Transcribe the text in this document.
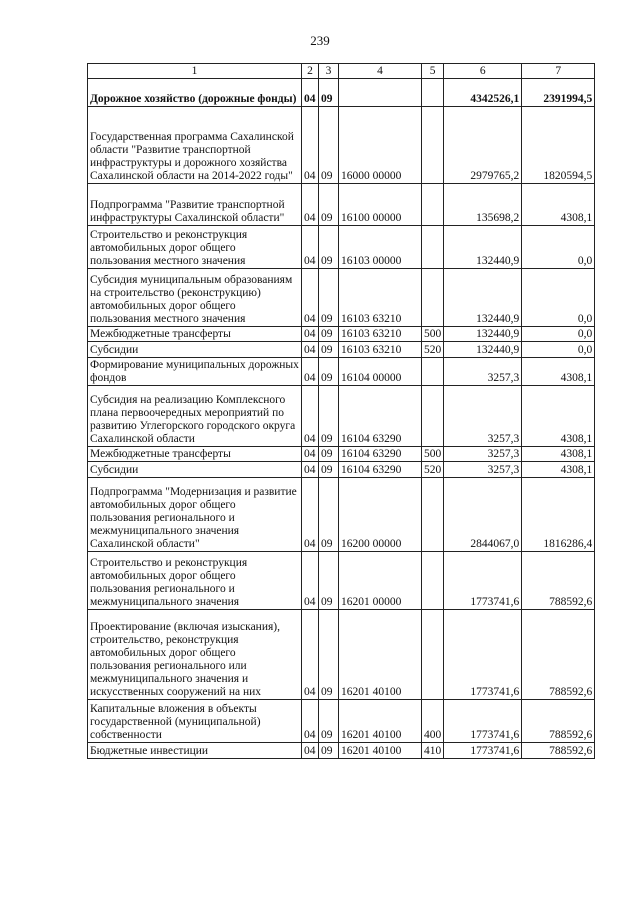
239
1	2	3	4	5	6	7
Дорожное хозяйство (дорожные фонды)	04	09			4342526,1	2391994,5
Государственная программа Сахалинской области "Развитие транспортной инфраструктуры и дорожного хозяйства Сахалинской области на 2014-2022 годы"	04	09	16000 00000		2979765,2	1820594,5
Подпрограмма "Развитие транспортной инфраструктуры Сахалинской области"	04	09	16100 00000		135698,2	4308,1
Строительство и реконструкция автомобильных дорог общего пользования местного значения	04	09	16103 00000		132440,9	0,0
Субсидия муниципальным образованиям на строительство (реконструкцию) автомобильных дорог общего пользования местного значения	04	09	16103 63210		132440,9	0,0
Межбюджетные трансферты	04	09	16103 63210	500	132440,9	0,0
Субсидии	04	09	16103 63210	520	132440,9	0,0
Формирование муниципальных дорожных фондов	04	09	16104 00000		3257,3	4308,1
Субсидия на реализацию Комплексного плана первоочередных мероприятий по развитию Углегорского городского округа Сахалинской области	04	09	16104 63290		3257,3	4308,1
Межбюджетные трансферты	04	09	16104 63290	500	3257,3	4308,1
Субсидии	04	09	16104 63290	520	3257,3	4308,1
Подпрограмма "Модернизация и развитие автомобильных дорог общего пользования регионального и межмуниципального значения Сахалинской области"	04	09	16200 00000		2844067,0	1816286,4
Строительство и реконструкция автомобильных дорог общего пользования регионального и межмуниципального значения	04	09	16201 00000		1773741,6	788592,6
Проектирование (включая изыскания), строительство, реконструкция автомобильных дорог общего пользования регионального или межмуниципального значения и искусственных сооружений на них	04	09	16201 40100		1773741,6	788592,6
Капитальные вложения в объекты государственной (муниципальной) собственности	04	09	16201 40100	400	1773741,6	788592,6
Бюджетные инвестиции	04	09	16201 40100	410	1773741,6	788592,6
